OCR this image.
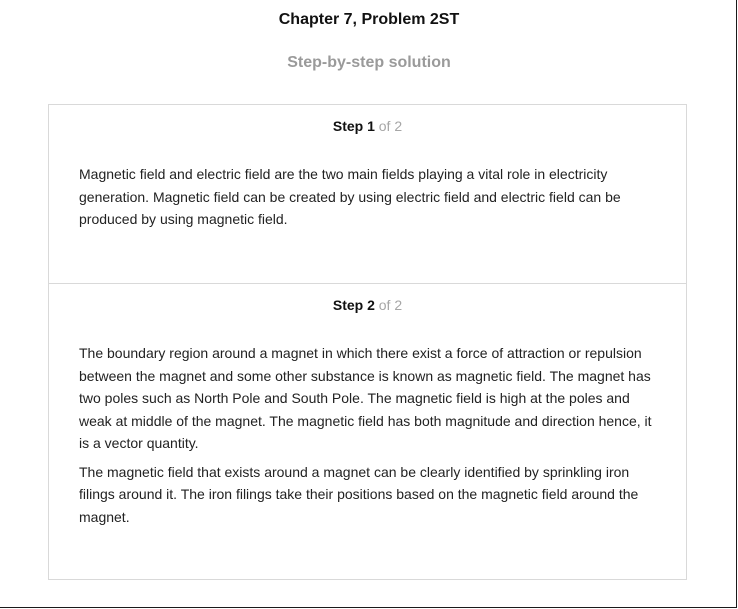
Chapter 7, Problem 2ST
Step-by-step solution
Step 1 of 2

Magnetic field and electric field are the two main fields playing a vital role in electricity generation. Magnetic field can be created by using electric field and electric field can be produced by using magnetic field.

Step 2 of 2

The boundary region around a magnet in which there exist a force of attraction or repulsion between the magnet and some other substance is known as magnetic field. The magnet has two poles such as North Pole and South Pole. The magnetic field is high at the poles and weak at middle of the magnet. The magnetic field has both magnitude and direction hence, it is a vector quantity.

The magnetic field that exists around a magnet can be clearly identified by sprinkling iron filings around it. The iron filings take their positions based on the magnetic field around the magnet.
